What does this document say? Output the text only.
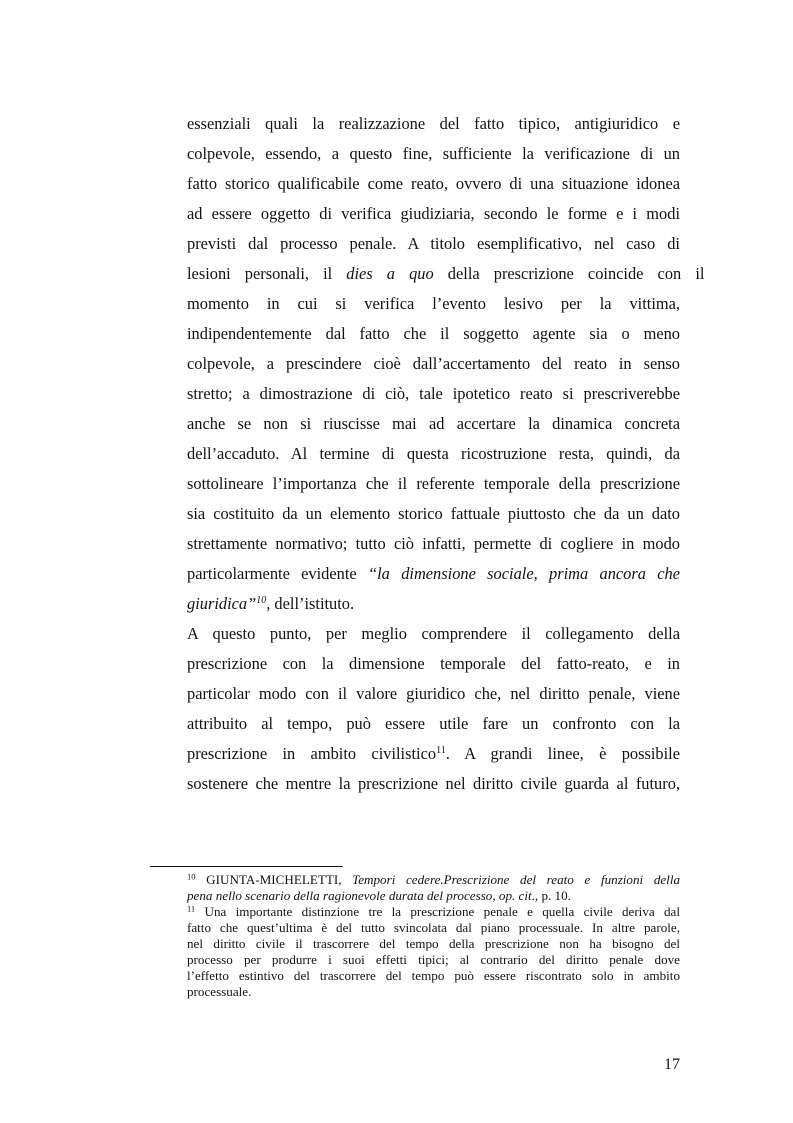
essenziali quali la realizzazione del fatto tipico, antigiuridico e
colpevole, essendo, a questo fine, sufficiente la verificazione di un
fatto storico qualificabile come reato, ovvero di una situazione idonea
ad essere oggetto di verifica giudiziaria, secondo le forme e i modi
previsti dal processo penale. A titolo esemplificativo, nel caso di
lesioni personali, il dies a quo della prescrizione coincide con il
momento in cui si verifica l’evento lesivo per la vittima,
indipendentemente dal fatto che il soggetto agente sia o meno
colpevole, a prescindere cioè dall’accertamento del reato in senso
stretto; a dimostrazione di ciò, tale ipotetico reato si prescriverebbe
anche se non si riuscisse mai ad accertare la dinamica concreta
dell’accaduto. Al termine di questa ricostruzione resta, quindi, da
sottolineare l’importanza che il referente temporale della prescrizione
sia costituito da un elemento storico fattuale piuttosto che da un dato
strettamente normativo; tutto ciò infatti, permette di cogliere in modo
particolarmente evidente “la dimensione sociale, prima ancora che
giuridica”$^{10}$, dell’istituto.
A questo punto, per meglio comprendere il collegamento della
prescrizione con la dimensione temporale del fatto-reato, e in
particolar modo con il valore giuridico che, nel diritto penale, viene
attribuito al tempo, può essere utile fare un confronto con la
prescrizione in ambito civilistico$^{11}$. A grandi linee, è possibile
sostenere che mentre la prescrizione nel diritto civile guarda al futuro,
$^{10}$ GIUNTA-MICHELETTI, Tempori cedere.Prescrizione del reato e funzioni della
pena nello scenario della ragionevole durata del processo, op. cit., p. 10.
$^{11}$ Una importante distinzione tre la prescrizione penale e quella civile deriva dal
fatto che quest’ultima è del tutto svincolata dal piano processuale. In altre parole,
nel diritto civile il trascorrere del tempo della prescrizione non ha bisogno del
processo per produrre i suoi effetti tipici; al contrario del diritto penale dove
l’effetto estintivo del trascorrere del tempo può essere riscontrato solo in ambito
processuale.
17
